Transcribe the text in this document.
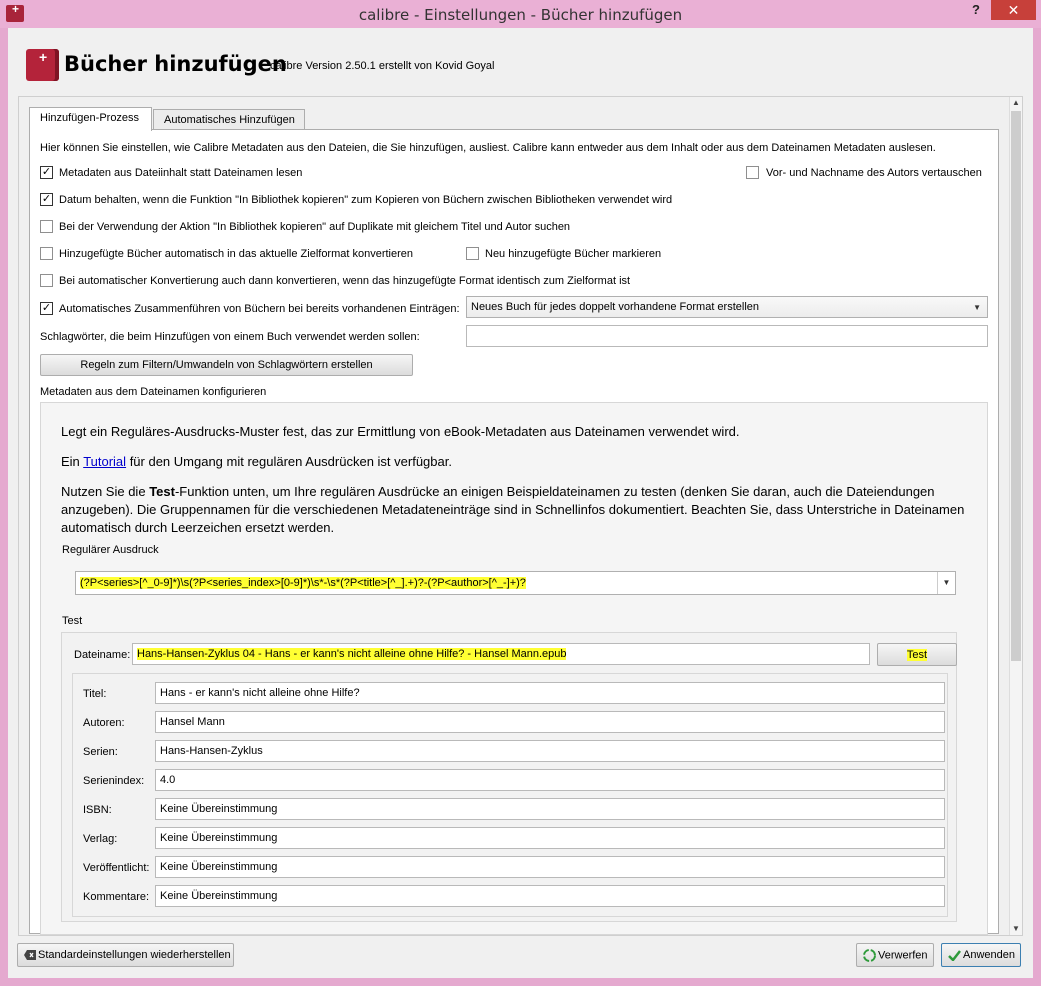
+
calibre - Einstellungen - Bücher hinzufügen	?	✕
+
Bücher hinzufügen
calibre Version 2.50.1 erstellt von Kovid Goyal
Hinzufügen-Prozess	Automatisches Hinzufügen
Hier können Sie einstellen, wie Calibre Metadaten aus den Dateien, die Sie hinzufügen, ausliest. Calibre kann entweder aus dem Inhalt oder aus dem Dateinamen Metadaten auslesen.
✓ Metadaten aus Dateiinhalt statt Dateinamen lesen	Vor- und Nachname des Autors vertauschen
✓ Datum behalten, wenn die Funktion "In Bibliothek kopieren" zum Kopieren von Büchern zwischen Bibliotheken verwendet wird
Bei der Verwendung der Aktion "In Bibliothek kopieren" auf Duplikate mit gleichem Titel und Autor suchen
Hinzugefügte Bücher automatisch in das aktuelle Zielformat konvertieren	Neu hinzugefügte Bücher markieren
Bei automatischer Konvertierung auch dann konvertieren, wenn das hinzugefügte Format identisch zum Zielformat ist
✓ Automatisches Zusammenführen von Büchern bei bereits vorhandenen Einträgen:	Neues Buch für jedes doppelt vorhandene Format erstellen	▼
Schlagwörter, die beim Hinzufügen von einem Buch verwendet werden sollen:
Regeln zum Filtern/Umwandeln von Schlagwörtern erstellen
Metadaten aus dem Dateinamen konfigurieren
Legt ein Reguläres-Ausdrucks-Muster fest, das zur Ermittlung von eBook-Metadaten aus Dateinamen verwendet wird.
Ein Tutorial für den Umgang mit regulären Ausdrücken ist verfügbar.
Nutzen Sie die Test-Funktion unten, um Ihre regulären Ausdrücke an einigen Beispieldateinamen zu testen (denken Sie daran, auch die Dateiendungen
anzugeben). Die Gruppennamen für die verschiedenen Metadateneinträge sind in Schnellinfos dokumentiert. Beachten Sie, dass Unterstriche in Dateinamen
automatisch durch Leerzeichen ersetzt werden.
Regulärer Ausdruck
(?P<series>[^_0-9]*)\s(?P<series_index>[0-9]*)\s*-\s*(?P<title>[^_].+)?-(?P<author>[^_-]+)?	▼
Test
Dateiname: Hans-Hansen-Zyklus 04 - Hans - er kann's nicht alleine ohne Hilfe? - Hansel Mann.epub	Test
Titel:	Hans - er kann's nicht alleine ohne Hilfe?
Autoren:	Hansel Mann
Serien:	Hans-Hansen-Zyklus
Serienindex:	4.0
ISBN:	Keine Übereinstimmung
Verlag:	Keine Übereinstimmung
Veröffentlicht: Keine Übereinstimmung
Kommentare: Keine Übereinstimmung
▲
▼
Standardeinstellungen wiederherstellen	Verwerfen	Anwenden
